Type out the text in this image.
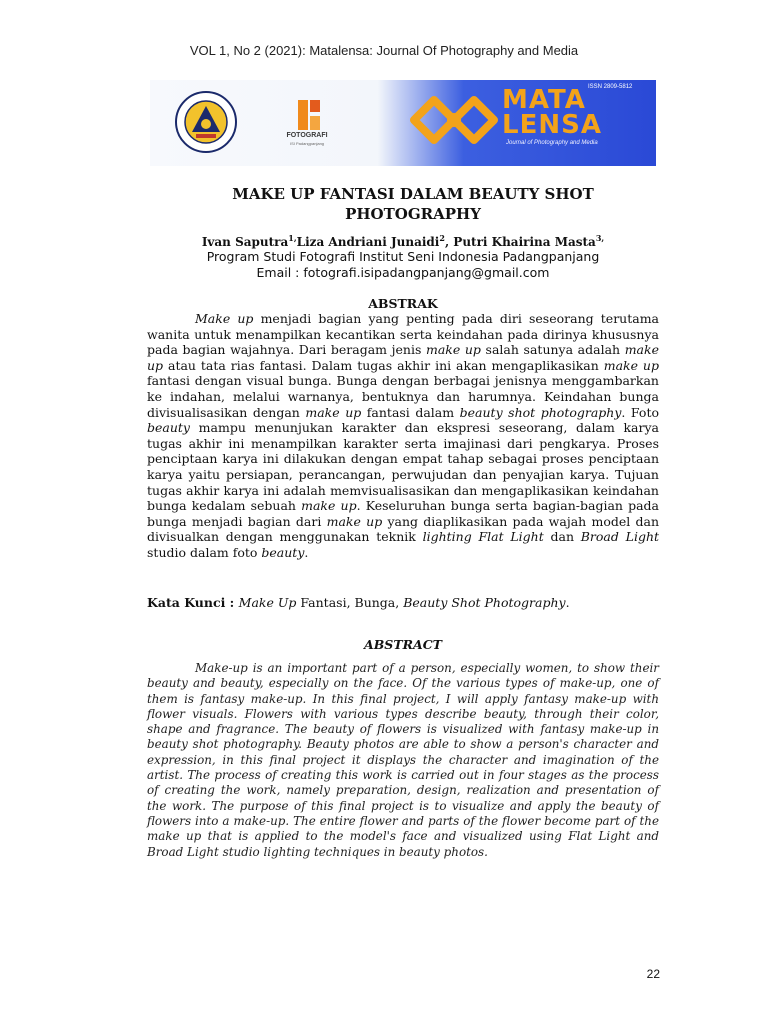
VOL 1, No 2 (2021): Matalensa: Journal Of Photography and Media
FOTOGRAFI
ISI Padangpanjang
ISSN 2809-5812
MATA
LENSA
Journal of Photography and Media
MAKE UP FANTASI DALAM BEAUTY SHOT
PHOTOGRAPHY
Ivan Saputra$^{1,}$Liza Andriani Junaidi$^2$, Putri Khairina Masta$^{3,}$
Program Studi Fotografi Institut Seni Indonesia Padangpanjang
Email : fotografi.isipadangpanjang@gmail.com
ABSTRAK
Make up menjadi bagian yang penting pada diri seseorang terutama wanita untuk menampilkan kecantikan serta keindahan pada dirinya khususnya pada bagian wajahnya. Dari beragam jenis make up salah satunya adalah make up atau tata rias fantasi. Dalam tugas akhir ini akan mengaplikasikan make up fantasi dengan visual bunga. Bunga dengan berbagai jenisnya menggambarkan ke indahan, melalui warnanya, bentuknya dan harumnya. Keindahan bunga divisualisasikan dengan make up fantasi dalam beauty shot photography. Foto beauty mampu menunjukan karakter dan ekspresi seseorang, dalam karya tugas akhir ini menampilkan karakter serta imajinasi dari pengkarya. Proses penciptaan karya ini dilakukan dengan empat tahap sebagai proses penciptaan karya yaitu persiapan, perancangan, perwujudan dan penyajian karya. Tujuan tugas akhir karya ini adalah memvisualisasikan dan mengaplikasikan keindahan bunga kedalam sebuah make up. Keseluruhan bunga serta bagian-bagian pada bunga menjadi bagian dari make up yang diaplikasikan pada wajah model dan divisualkan dengan menggunakan teknik lighting Flat Light dan Broad Light studio dalam foto beauty.
Kata Kunci : Make Up Fantasi, Bunga, Beauty Shot Photography.
ABSTRACT
Make-up is an important part of a person, especially women, to show their beauty and beauty, especially on the face. Of the various types of make-up, one of them is fantasy make-up. In this final project, I will apply fantasy make-up with flower visuals. Flowers with various types describe beauty, through their color, shape and fragrance. The beauty of flowers is visualized with fantasy make-up in beauty shot photography. Beauty photos are able to show a person's character and expression, in this final project it displays the character and imagination of the artist. The process of creating this work is carried out in four stages as the process of creating the work, namely preparation, design, realization and presentation of the work. The purpose of this final project is to visualize and apply the beauty of flowers into a make-up. The entire flower and parts of the flower become part of the make up that is applied to the model's face and visualized using Flat Light and Broad Light studio lighting techniques in beauty photos.
22
